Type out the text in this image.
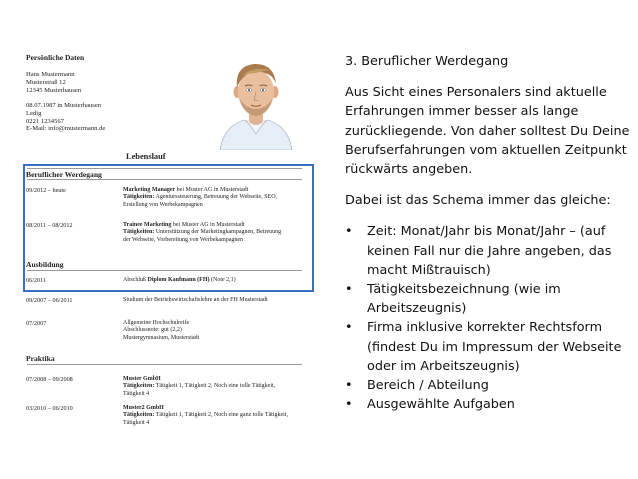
Persönliche Daten
Hans Mustermann
Musterstraß 12
12345 Musterhausen
08.07.1987 in Musterhausen
Ledig
0221 1234567
E-Mail: info@mustermann.de
Lebenslauf
Beruflicher Werdegang
09/2012 – heute	Marketing Manager bei Muster AG in Musterstadt
Tätigkeiten: Agenturssteuerung, Betreuung der Webseite, SEO, Erstellung von Werbekampagnen
08/2011 – 08/2012	Trainee Marketing bei Muster AG in Musterstadt
Tätigkeiten: Unterstützung der Marketingkampagnen, Betreuung der Webseite, Vorbereitung von Werbekampagnen
Ausbildung
06/2011	Abschluß Diplom Kaufmann (FH) (Note 2,1)
09/2007 – 06/2011	Studium der Betriebswirtschaftslehre an der FH Musterstadt
07/2007	Allgemeine Hochschulreife
Abschlussnote: gut (2,2)
Mustergymnasium, Musterstadt
Praktika
07/2008 – 09/2008	Muster GmbH
Tätigkeiten: Tätigkeit 1, Tätigkeit 2, Noch eine tolle Tätigkeit, Tätigkeit 4
03/2010 – 06/2010	Muster2 GmbH
Tätigkeiten: Tätigkeit 1, Tätigkeit 2, Noch eine ganz tolle Tätigkeit, Tätigkeit 4

3. Beruflicher Werdegang

Aus Sicht eines Personalers sind aktuelle Erfahrungen immer besser als lange zurückliegende. Von daher solltest Du Deine Berufserfahrungen vom aktuellen Zeitpunkt rückwärts angeben.

Dabei ist das Schema immer das gleiche:

• Zeit: Monat/Jahr bis Monat/Jahr – (auf keinen Fall nur die Jahre angeben, das macht Mißtrauisch)
• Tätigkeitsbezeichnung (wie im Arbeitszeugnis)
• Firma inklusive korrekter Rechtsform (findest Du im Impressum der Webseite oder im Arbeitszeugnis)
• Bereich / Abteilung
• Ausgewählte Aufgaben
